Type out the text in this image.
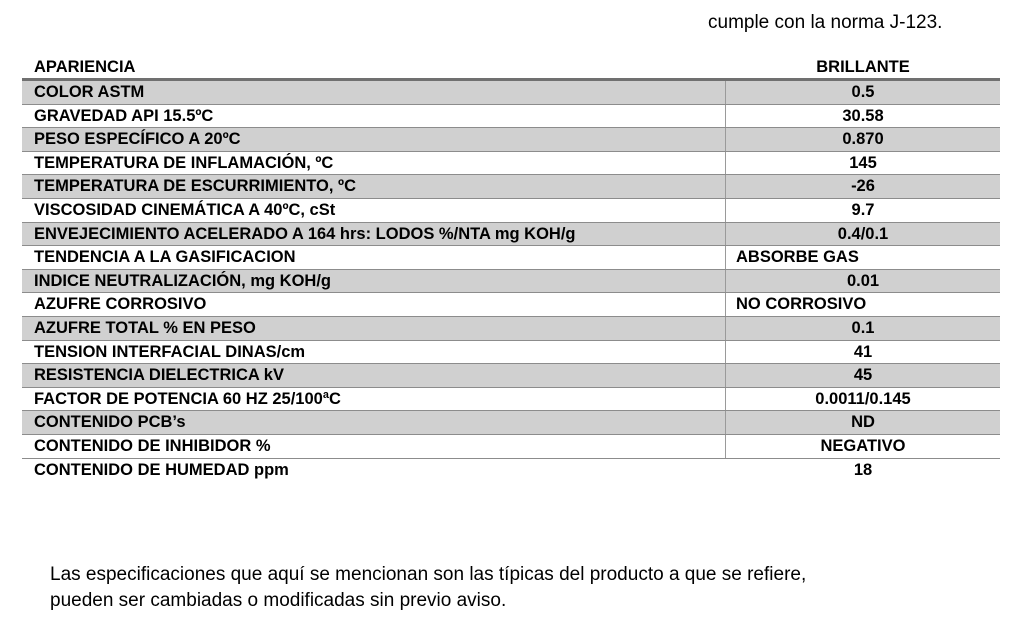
cumple con la norma J-123.
APARIENCIA	BRILLANTE
COLOR ASTM	0.5
GRAVEDAD API 15.5ºC	30.58
PESO ESPECÍFICO A 20ºC	0.870
TEMPERATURA DE INFLAMACIÓN, ºC	145
TEMPERATURA DE ESCURRIMIENTO, ºC	-26
VISCOSIDAD CINEMÁTICA A 40ºC, cSt	9.7
ENVEJECIMIENTO ACELERADO A 164 hrs: LODOS %/NTA mg KOH/g	0.4/0.1
TENDENCIA A LA GASIFICACION	ABSORBE GAS
INDICE NEUTRALIZACIÓN, mg KOH/g	0.01
AZUFRE CORROSIVO	NO CORROSIVO
AZUFRE TOTAL % EN PESO	0.1
TENSION INTERFACIAL DINAS/cm	41
RESISTENCIA DIELECTRICA kV	45
FACTOR DE POTENCIA 60 HZ 25/100ªC	0.0011/0.145
CONTENIDO PCB’s	ND
CONTENIDO DE INHIBIDOR %	NEGATIVO
CONTENIDO DE HUMEDAD ppm	18
Las especificaciones que aquí se mencionan son las típicas del producto a que se refiere,
pueden ser cambiadas o modificadas sin previo aviso.
